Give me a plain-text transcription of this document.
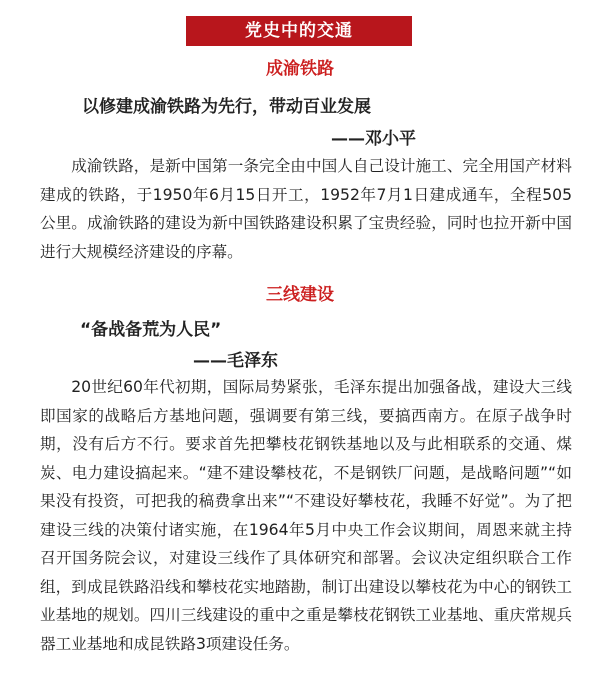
党史中的交通
成渝铁路
以修建成渝铁路为先行，带动百业发展
——邓小平
成渝铁路，是新中国第一条完全由中国人自己设计施工、完全用国产材料建成的铁路，于1950年6月15日开工，1952年7月1日建成通车，全程505公里。成渝铁路的建设为新中国铁路建设积累了宝贵经验，同时也拉开新中国进行大规模经济建设的序幕。
三线建设
“备战备荒为人民”
——毛泽东
20世纪60年代初期，国际局势紧张，毛泽东提出加强备战，建设大三线即国家的战略后方基地问题，强调要有第三线，要搞西南方。在原子战争时期，没有后方不行。要求首先把攀枝花钢铁基地以及与此相联系的交通、煤炭、电力建设搞起来。“建不建设攀枝花，不是钢铁厂问题，是战略问题”“如果没有投资，可把我的稿费拿出来”“不建设好攀枝花，我睡不好觉”。为了把建设三线的决策付诸实施，在1964年5月中央工作会议期间，周恩来就主持召开国务院会议，对建设三线作了具体研究和部署。会议决定组织联合工作组，到成昆铁路沿线和攀枝花实地踏勘，制订出建设以攀枝花为中心的钢铁工业基地的规划。四川三线建设的重中之重是攀枝花钢铁工业基地、重庆常规兵器工业基地和成昆铁路3项建设任务。
